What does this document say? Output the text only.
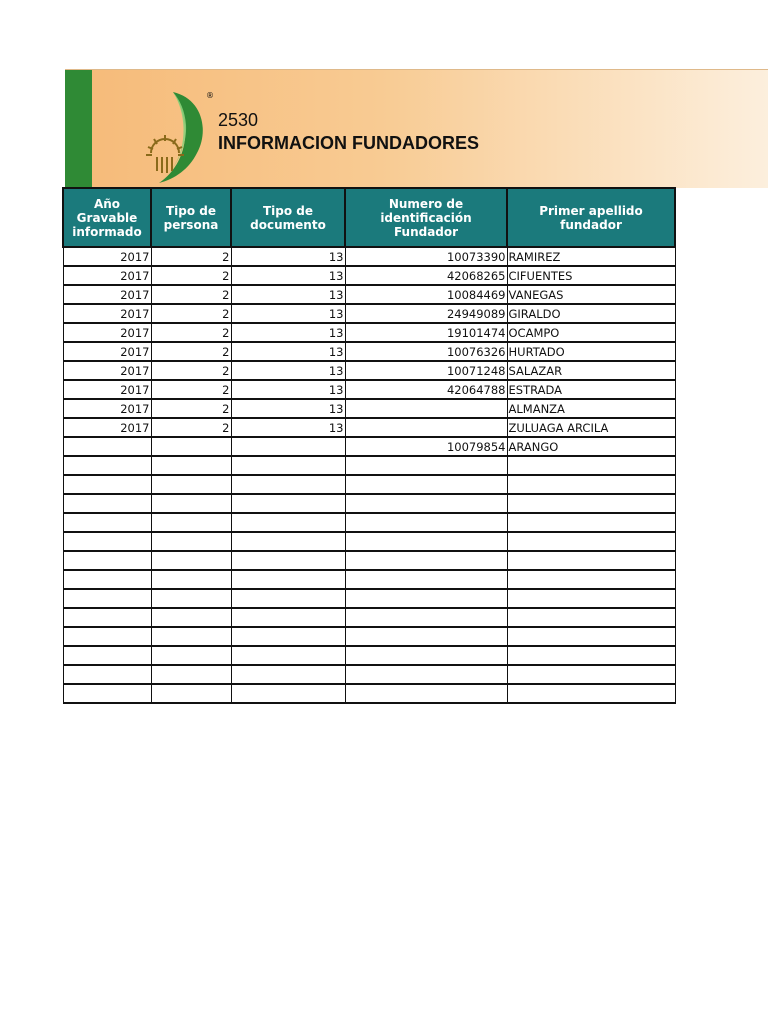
®
2530
INFORMACION FUNDADORES
Año Gravable informado	Tipo de persona	Tipo de documento	Numero de identificación Fundador	Primer apellido fundador
2017	2	13	10073390	RAMIREZ
2017	2	13	42068265	CIFUENTES
2017	2	13	10084469	VANEGAS
2017	2	13	24949089	GIRALDO
2017	2	13	19101474	OCAMPO
2017	2	13	10076326	HURTADO
2017	2	13	10071248	SALAZAR
2017	2	13	42064788	ESTRADA
2017	2	13		ALMANZA
2017	2	13		ZULUAGA ARCILA
			10079854	ARANGO
